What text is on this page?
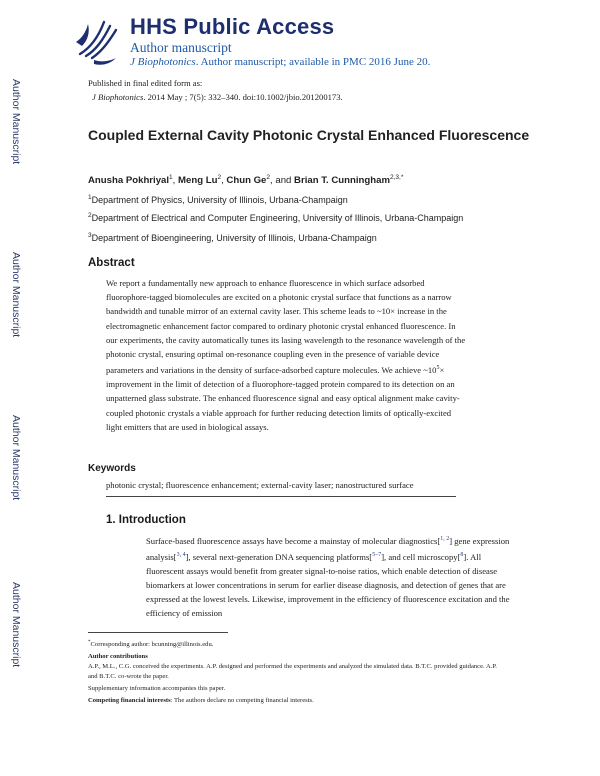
Author Manuscript
Author Manuscript
Author Manuscript
Author Manuscript
HHS Public Access
Author manuscript
J Biophotonics. Author manuscript; available in PMC 2016 June 20.
Published in final edited form as:
J Biophotonics. 2014 May ; 7(5): 332–340. doi:10.1002/jbio.201200173.
Coupled External Cavity Photonic Crystal Enhanced Fluorescence
Anusha Pokhriyal$^1$, Meng Lu$^2$, Chun Ge$^2$, and Brian T. Cunningham$^{2,3,*}$
$^1$Department of Physics, University of Illinois, Urbana-Champaign
$^2$Department of Electrical and Computer Engineering, University of Illinois, Urbana-Champaign
$^3$Department of Bioengineering, University of Illinois, Urbana-Champaign
Abstract

We report a fundamentally new approach to enhance fluorescence in which surface adsorbed fluorophore-tagged biomolecules are excited on a photonic crystal surface that functions as a narrow bandwidth and tunable mirror of an external cavity laser. This scheme leads to ~10× increase in the electromagnetic enhancement factor compared to ordinary photonic crystal enhanced fluorescence. In our experiments, the cavity automatically tunes its lasing wavelength to the resonance wavelength of the photonic crystal, ensuring optimal on-resonance coupling even in the presence of variable device parameters and variations in the density of surface-adsorbed capture molecules. We achieve $\sim 10^5\times$ improvement in the limit of detection of a fluorophore-tagged protein compared to its detection on an unpatterned glass substrate. The enhanced fluorescence signal and easy optical alignment make cavity-coupled photonic crystals a viable approach for further reducing detection limits of optically-excited light emitters that are used in biological assays.

Keywords
photonic crystal; fluorescence enhancement; external-cavity laser; nanostructured surface
1. Introduction
Surface-based fluorescence assays have become a mainstay of molecular diagnostics[$^{1, 2}$] gene expression analysis[$^{3, 4}$], several next-generation DNA sequencing platforms[$^{5-7}$], and cell microscopy[$^8$]. All fluorescent assays would benefit from greater signal-to-noise ratios, which enable detection of disease biomarkers at lower concentrations in serum for earlier disease diagnosis, and detection of genes that are expressed at the lowest levels. Likewise, improvement in the efficiency of fluorescence excitation and the efficiency of emission
*Corresponding author: bcunning@illinois.edu.
Author contributions
A.P., M.L., C.G. conceived the experiments. A.P. designed and performed the experiments and analyzed the simulated data. B.T.C. provided guidance. A.P. and B.T.C. co-wrote the paper.
Supplementary information accompanies this paper.
Competing financial interests: The authors declare no competing financial interests.
